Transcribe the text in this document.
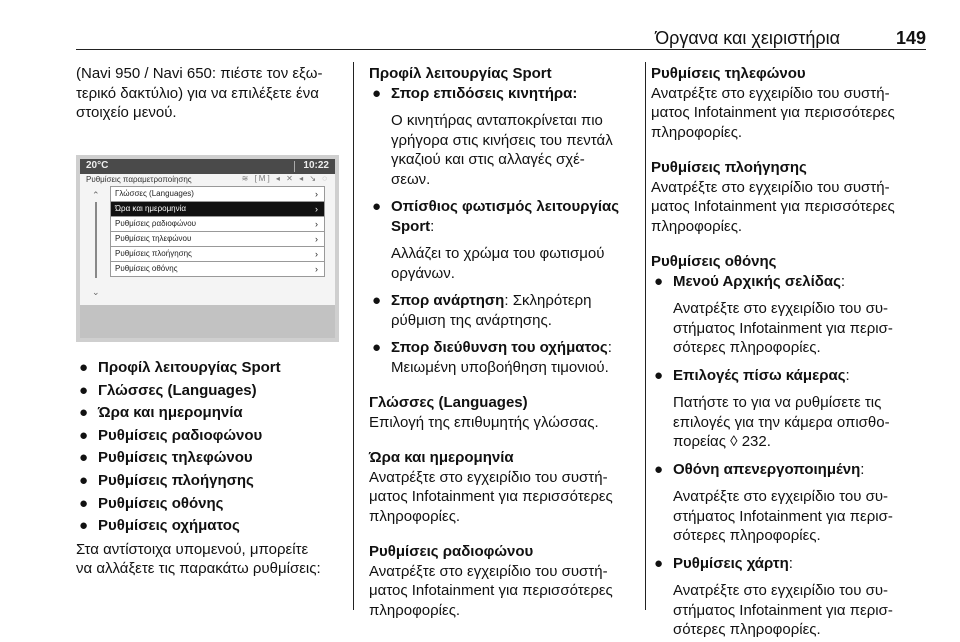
Όργανα και χειριστήρια	149

(Navi 950 / Navi 650: πιέστε τον εξω-

τερικό δακτύλιο) για να επιλέξετε ένα

στοιχείο μενού.

20°C	10:22
Ρυθμίσεις παραμετροποίησης	≋ [M] ◂ ✕ ◂ ↘ ◌
⌃
⌄
Γλώσσες (Languages)	›
Ώρα και ημερομηνία	›
Ρυθμίσεις ραδιοφώνου	›
Ρυθμίσεις τηλεφώνου	›
Ρυθμίσεις πλοήγησης	›
Ρυθμίσεις οθόνης	›

● Προφίλ λειτουργίας Sport

● Γλώσσες (Languages)

● Ώρα και ημερομηνία

● Ρυθμίσεις ραδιοφώνου

● Ρυθμίσεις τηλεφώνου

● Ρυθμίσεις πλοήγησης

● Ρυθμίσεις οθόνης

● Ρυθμίσεις οχήματος

Στα αντίστοιχα υπομενού, μπορείτε

να αλλάξετε τις παρακάτω ρυθμίσεις:

Προφίλ λειτουργίας Sport

● Σπορ επιδόσεις κινητήρα:

Ο κινητήρας ανταποκρίνεται πιο

γρήγορα στις κινήσεις του πεντάλ

γκαζιού και στις αλλαγές σχέ-

σεων.

● Οπίσθιος φωτισμός λειτουργίας

Sport:

Αλλάζει το χρώμα του φωτισμού

οργάνων.

● Σπορ ανάρτηση: Σκληρότερη

ρύθμιση της ανάρτησης.

● Σπορ διεύθυνση του οχήματος:

Μειωμένη υποβοήθηση τιμονιού.

Γλώσσες (Languages)

Επιλογή της επιθυμητής γλώσσας.

Ώρα και ημερομηνία

Ανατρέξτε στο εγχειρίδιο του συστή-

ματος Infotainment για περισσότερες

πληροφορίες.

Ρυθμίσεις ραδιοφώνου

Ανατρέξτε στο εγχειρίδιο του συστή-

ματος Infotainment για περισσότερες

πληροφορίες.

Ρυθμίσεις τηλεφώνου

Ανατρέξτε στο εγχειρίδιο του συστή-

ματος Infotainment για περισσότερες

πληροφορίες.

Ρυθμίσεις πλοήγησης

Ανατρέξτε στο εγχειρίδιο του συστή-

ματος Infotainment για περισσότερες

πληροφορίες.

Ρυθμίσεις οθόνης

● Μενού Αρχικής σελίδας:

Ανατρέξτε στο εγχειρίδιο του συ-

στήματος Infotainment για περισ-

σότερες πληροφορίες.

● Επιλογές πίσω κάμερας:

Πατήστε το για να ρυθμίσετε τις

επιλογές για την κάμερα οπισθο-

πορείας ◊ 232.

● Οθόνη απενεργοποιημένη:

Ανατρέξτε στο εγχειρίδιο του συ-

στήματος Infotainment για περισ-

σότερες πληροφορίες.

● Ρυθμίσεις χάρτη:

Ανατρέξτε στο εγχειρίδιο του συ-

στήματος Infotainment για περισ-

σότερες πληροφορίες.
